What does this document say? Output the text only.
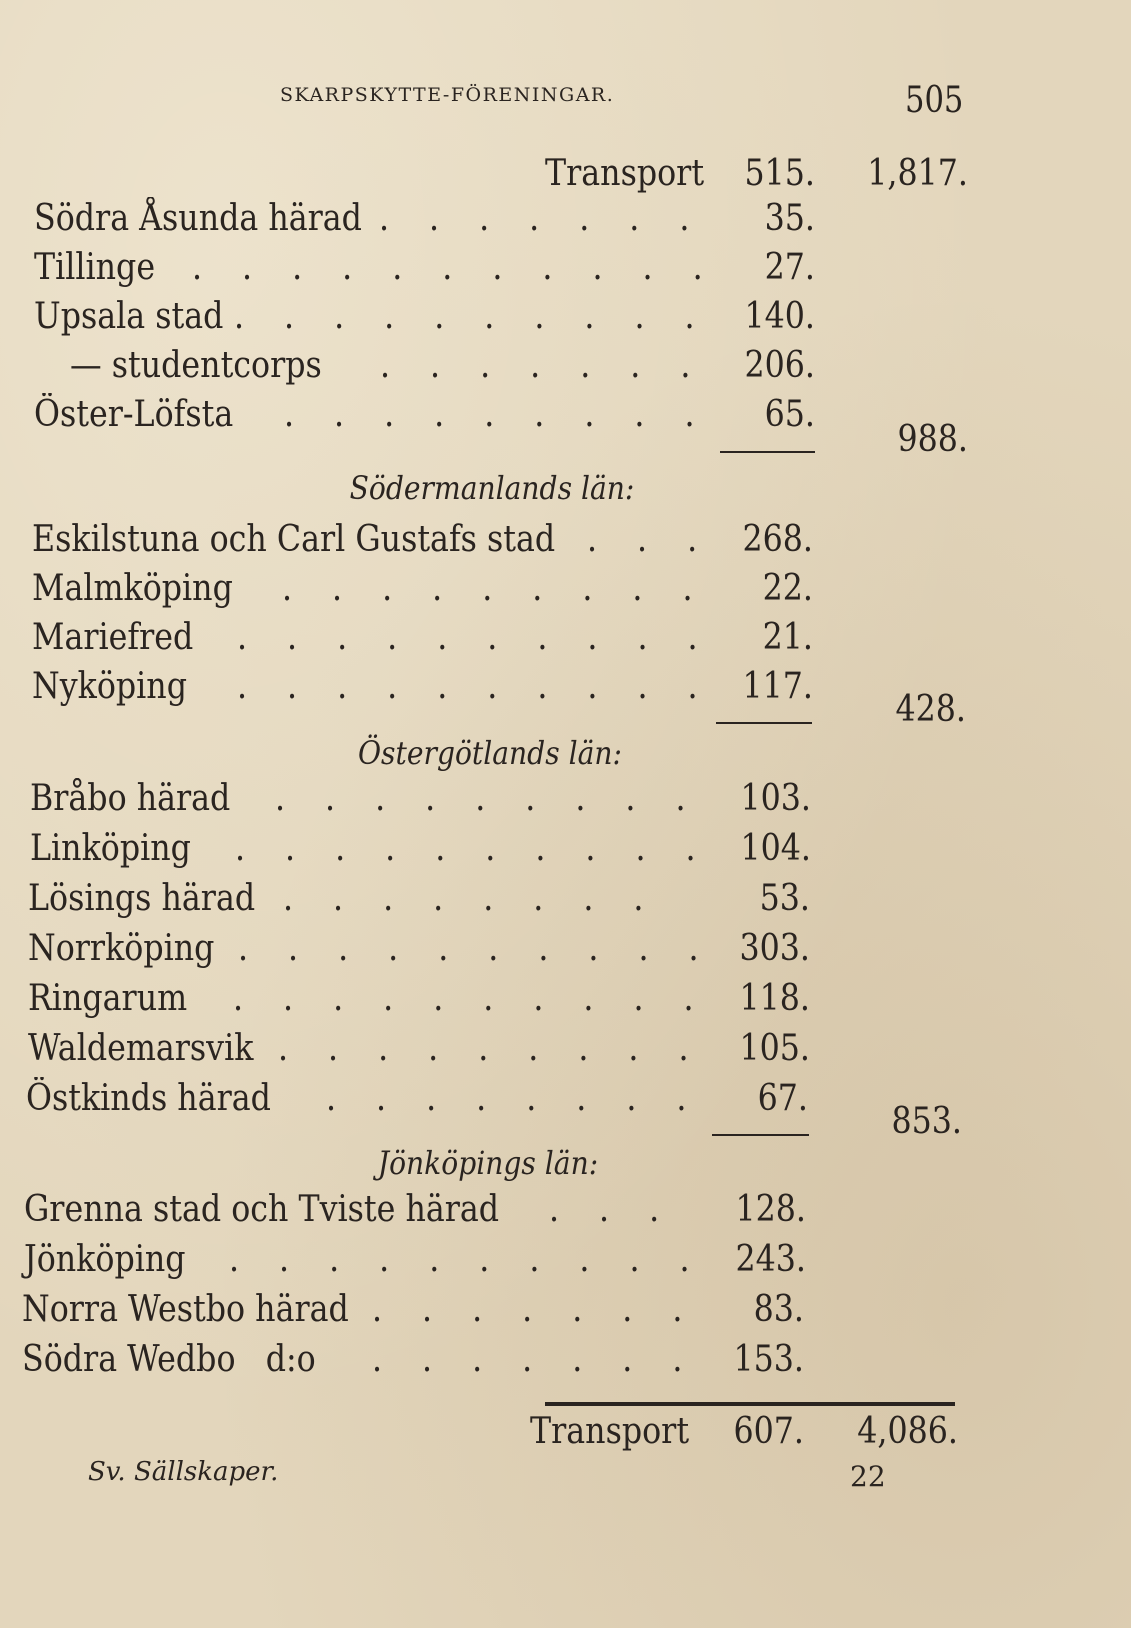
SKARPSKYTTE-FÖRENINGAR.	505
Transport	515.	1,817.
Södra Åsunda härad . . . . . . .	35.
Tillinge . . . . . . . . . . .	27.
Upsala stad . . . . . . . . . . 140.
— studentcorps . . . . . . .	206.
Öster-Löfsta . . . . . . . . .	65.
988.
Södermanlands län:
Eskilstuna och Carl Gustafs stad . . . 268.
Malmköping . . . . . . . . .	22.
Mariefred . . . . . . . . . .	21.
Nyköping . . . . . . . . . . 117.
428.
Östergötlands län:
Bråbo härad . . . . . . . . .	103.
Linköping . . . . . . . . . . 104.
Lösings härad . . . . . . . .	53.
Norrköping . . . . . . . . . . 303.
Ringarum . . . . . . . . . . 118.
Waldemarsvik . . . . . . . . . 105.
Östkinds härad . . . . . . . .	67.
853.
Jönköpings län:
Grenna stad och Tviste härad . . .	128.
Jönköping . . . . . . . . . . 243.
Norra Westbo härad . . . . . . .	83.
Södra Wedbo   d:o . . . . . . .	153.
Transport	607.	4,086.
Sv. Sällskaper.	22
